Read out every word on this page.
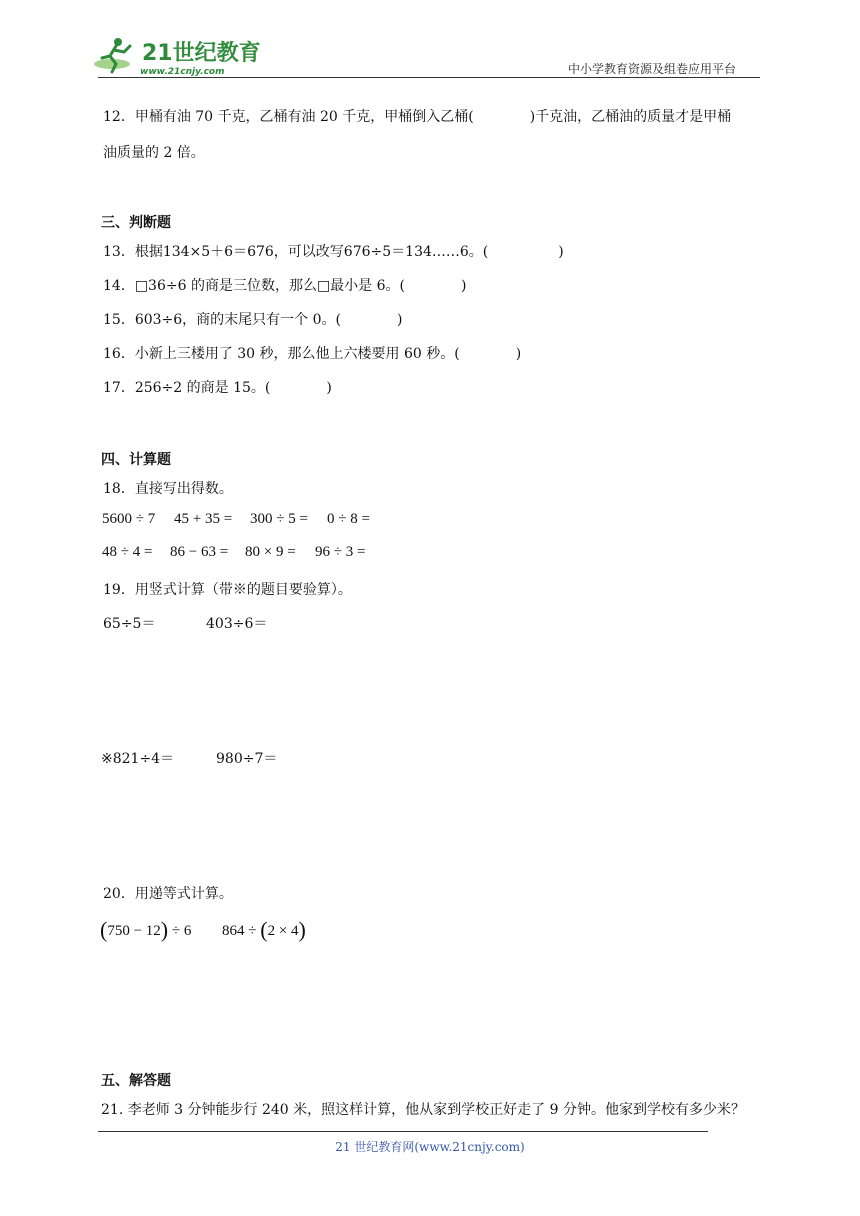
21世纪教育
www.21cnjy.com	中小学教育资源及组卷应用平台
12．甲桶有油 70 千克，乙桶有油 20 千克，甲桶倒入乙桶(　　　　)千克油，乙桶油的质量才是甲桶
油质量的 2 倍。
三、判断题
13．根据134×5＋6＝676，可以改写676÷5＝134……6。(　　　　　)
14．□36÷6 的商是三位数，那么□最小是 6。(　　　　)
15．603÷6，商的末尾只有一个 0。(　　　　)
16．小新上三楼用了 30 秒，那么他上六楼要用 60 秒。(　　　　)
17．256÷2 的商是 15。(　　　　)
四、计算题
18．直接写出得数。
5600 ÷ 7 45 + 35 = 300 ÷ 5 = 0 ÷ 8 =
48 ÷ 4 = 86 − 63 = 80 × 9 = 96 ÷ 3 =
19．用竖式计算（带※的题目要验算）。
65÷5＝	403÷6＝
※821÷4＝	980÷7＝
20．用递等式计算。
(750 − 12) ÷ 6 864 ÷ (2 × 4)
五、解答题
21. 李老师 3 分钟能步行 240 米，照这样计算，他从家到学校正好走了 9 分钟。他家到学校有多少米？
21 世纪教育网(www.21cnjy.com)
